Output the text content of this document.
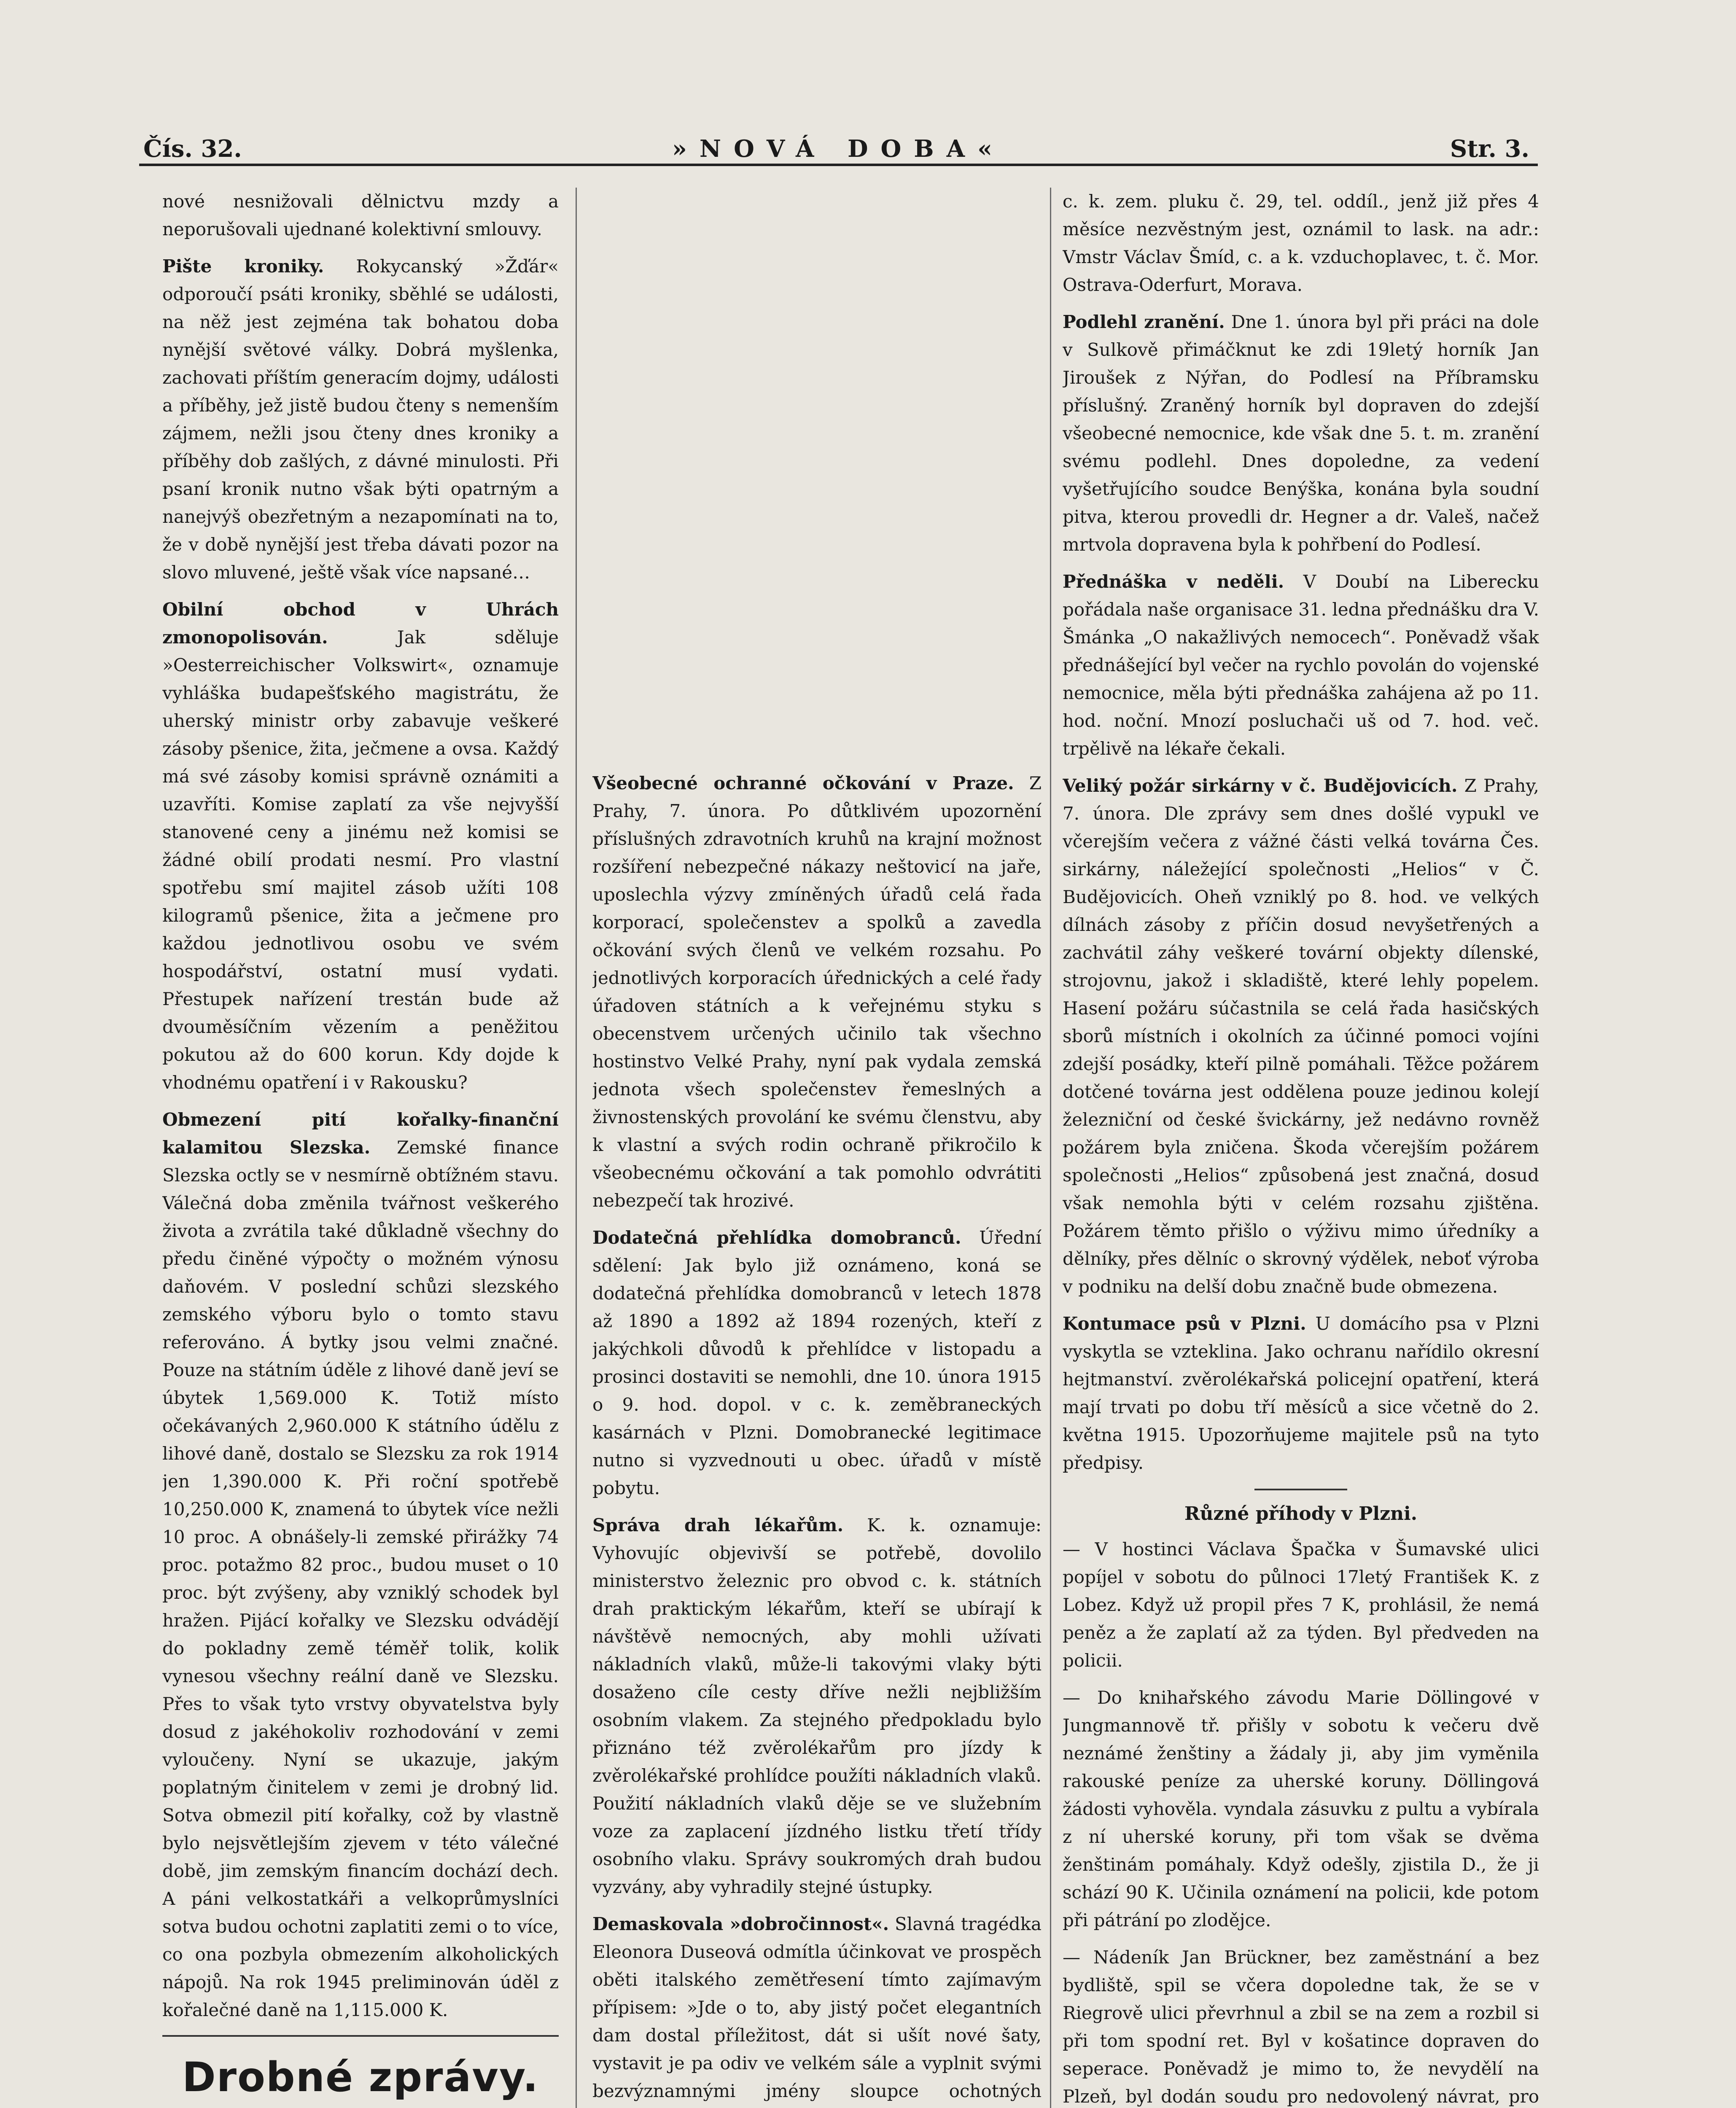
Čís. 32.	»NOVÁ DOBA«	Str. 3.

nové nesnižovali dělnictvu mzdy a neporušovali ujednané kolektivní smlouvy.

Pište kroniky. Rokycanský »Žďár« odporoučí psáti kroniky, sběhlé se události, na něž jest zejména tak bohatou doba nynější světové války. Dobrá myšlenka, zachovati příštím generacím dojmy, události a příběhy, jež jistě budou čteny s nemenším zájmem, nežli jsou čteny dnes kroniky a příběhy dob zašlých, z dávné minulosti. Při psaní kronik nutno však býti opatrným a nanejvýš obezřetným a nezapomínati na to, že v době nynější jest třeba dávati pozor na slovo mluvené, ještě však více napsané…

Obilní obchod v Uhrách zmonopolisován.	Jak sděluje »Oesterreichischer Volkswirt«, oznamuje vyhláška budapešťského magistrátu, že uherský ministr orby zabavuje veškeré zásoby pšenice, žita, ječmene a ovsa. Každý má své zásoby komisi správně oznámiti a uzavříti. Komise zaplatí za vše nejvyšší stanovené ceny a jinému než komisi se žádné obilí prodati nesmí. Pro vlastní spotřebu smí majitel zásob užíti 108 kilogramů pšenice, žita a ječmene pro každou jednotlivou osobu ve svém hospodářství, ostatní musí vydati. Přestupek nařízení trestán bude až dvouměsíčním vězením a peněžitou pokutou až do 600 korun. Kdy dojde k vhodnému opatření i v Rakousku?

Obmezení pití kořalky-finanční kalamitou Slezska. Zemské finance Slezska octly se v nesmírně obtížném stavu. Válečná doba změnila tvářnost veškerého života a zvrátila také důkladně všechny do předu činěné výpočty o možném výnosu daňovém. V poslední schůzi slezského zemského výboru bylo o tomto stavu referováno. Á bytky jsou velmi značné. Pouze na státním úděle z lihové daně jeví se úbytek 1,569.000 K. Totiž místo očekávaných 2,960.000 K státního údělu z lihové daně, dostalo se Slezsku za rok 1914 jen 1,390.000 K. Při roční spotřebě 10,250.000 K, znamená to úbytek více nežli 10 proc. A obnášely-li zemské přirážky 74 proc. potažmo 82 proc., budou muset o 10 proc. být zvýšeny, aby vzniklý schodek byl hražen. Pijácí kořalky ve Slezsku odvádějí do pokladny země téměř tolik, kolik vynesou všechny reální daně ve Slezsku. Přes to však tyto vrstvy obyvatelstva byly dosud z jakéhokoliv rozhodování v zemi vyloučeny. Nyní se ukazuje, jakým poplatným činitelem v zemi je drobný lid. Sotva obmezil pití kořalky, což by vlastně bylo nejsvětlejším zjevem v této válečné době, jim zemským financím dochází dech. A páni velkostatkáři a velkoprůmyslníci sotva budou ochotni zaplatiti zemi o to více, co ona pozbyla obmezením alkoholických nápojů. Na rok 1945 preliminován úděl z kořalečné daně na 1,115.000 K.

Drobné zprávy.

Všeobecné ochranné očkování v Praze. Z Prahy, 7. února. Po důtklivém upozornění příslušných zdravotních kruhů na krajní možnost rozšíření nebezpečné nákazy neštovicí na jaře, uposlechla výzvy zmíněných úřadů celá řada korporací, společenstev a spolků a zavedla očkování svých členů ve velkém rozsahu. Po jednotlivých korporacích úřednických a celé řady úřadoven státních a k veřejnému styku s obecenstvem určených učinilo tak všechno hostinstvo Velké Prahy, nyní pak vydala zemská jednota všech společenstev řemeslných a živnostenských provolání ke svému členstvu, aby k vlastní a svých rodin ochraně přikročilo k všeobecnému očkování a tak pomohlo odvrátiti nebezpečí tak hrozivé.

Dodatečná přehlídka domobranců. Úřední sdělení: Jak bylo již oznámeno, koná se dodatečná přehlídka domobranců v letech 1878 až 1890 a 1892 až 1894 rozených, kteří z jakýchkoli důvodů k přehlídce v listopadu a prosinci dostaviti se nemohli, dne 10. února 1915 o 9. hod. dopol. v c. k. zeměbraneckých kasárnách v Plzni. Domobranecké legitimace nutno si vyzvednouti u obec. úřadů v místě pobytu.

Správa drah lékařům. K. k. oznamuje: Vyhovujíc objevivší se potřebě, dovolilo ministerstvo železnic pro obvod c. k. státních drah praktickým lékařům, kteří se ubírají k návštěvě nemocných, aby mohli užívati nákladních vlaků, může-li takovými vlaky býti dosaženo cíle cesty dříve nežli nejbližším osobním vlakem. Za stejného předpokladu bylo přiznáno též zvěrolékařům pro jízdy k zvěrolékařské prohlídce použíti nákladních vlaků. Použití nákladních vlaků děje se ve služebním voze za zaplacení jízdného listku třetí třídy osobního vlaku. Správy soukromých drah budou vyzvány, aby vyhradily stejné ústupky.

Demaskovala »dobročinnost«. Slavná tragédka Eleonora Duseová odmítla účinkovat ve prospěch oběti italského zemětřesení tímto zajímavým přípisem: »Jde o to, aby jistý počet elegantních dam dostal příležitost, dát si ušít nové šaty, vystavit je pa odiv ve velkém sále a vyplnit svými bezvýznamnými jmény sloupce ochotných

c. k. zem. pluku č. 29, tel. oddíl., jenž již přes 4 měsíce nezvěstným jest, oznámil to lask. na adr.: Vmstr Václav Šmíd, c. a k. vzduchoplavec, t. č. Mor. Ostrava-Oderfurt, Morava.

Podlehl zranění. Dne 1. února byl při práci na dole v Sulkově přimáčknut ke zdi 19letý horník Jan Jiroušek z Nýřan, do Podlesí na Příbramsku příslušný. Zraněný horník byl dopraven do zdejší všeobecné nemocnice, kde však dne 5. t. m. zranění svému podlehl. Dnes dopoledne, za vedení vyšetřujícího soudce Benýška, konána byla soudní pitva, kterou provedli dr. Hegner a dr. Valeš, načež mrtvola dopravena byla k pohřbení do Podlesí.

Přednáška v neděli. V Doubí na Liberecku pořádala naše organisace 31. ledna přednášku dra V. Šmánka „O nakažlivých nemocech“. Poněvadž však přednášející byl večer na rychlo povolán do vojenské nemocnice, měla býti přednáška zahájena až po 11. hod. noční. Mnozí posluchači uš od 7. hod. več. trpělivě na lékaře čekali.

Veliký požár sirkárny v č. Budějovicích. Z Prahy, 7. února. Dle zprávy sem dnes došlé vypukl ve včerejším večera z vážné části velká továrna Čes. sirkárny, náležející společnosti „Helios“ v Č. Budějovicích. Oheň vzniklý po 8. hod. ve velkých dílnách zásoby z příčin dosud nevyšetřených a zachvátil záhy veškeré tovární objekty dílenské, strojovnu, jakož i skladiště, které lehly popelem. Hasení požáru súčastnila se celá řada hasičských sborů místních i okolních za účinné pomoci vojíni zdejší posádky, kteří pilně pomáhali. Těžce požárem dotčené továrna jest oddělena pouze jedinou kolejí železniční od české švickárny, jež nedávno rovněž požárem byla zničena. Škoda včerejším požárem společnosti „Helios“ způsobená jest značná, dosud však nemohla býti v celém rozsahu zjištěna. Požárem těmto přišlo o výživu mimo úředníky a dělníky, přes dělníc o skrovný výdělek, neboť výroba v podniku na delší dobu značně bude obmezena.

Kontumace psů v Plzni. U domácího psa v Plzni vyskytla se vzteklina. Jako ochranu nařídilo okresní hejtmanství. zvěrolékařská policejní opatření, která mají trvati po dobu tří měsíců a sice včetně do 2. května 1915. Upozorňujeme majitele psů na tyto předpisy.

Různé příhody v Plzni.

— V hostinci Václava Špačka v Šumavské ulici popíjel v sobotu do půlnoci 17letý František K. z Lobez. Když už propil přes 7 K, prohlásil, že nemá peněz a že zaplatí až za týden. Byl předveden na policii.

— Do knihařského závodu Marie Döllingové v Jungmannově tř. přišly v sobotu k večeru dvě neznámé ženštiny a žádaly ji, aby jim vyměnila rakouské peníze za uherské koruny. Döllingová žádosti vyhověla. vyndala zásuvku z pultu a vybírala z ní uherské koruny, při tom však se dvěma ženštinám pomáhaly. Když odešly, zjistila D., že ji schází 90 K. Učinila oznámení na policii, kde potom při pátrání po zlodějce.

— Nádeník Jan Brückner, bez zaměstnání a bez bydliště, spil se včera dopoledne tak, že se v Riegrově ulici převrhnul a zbil se na zem a rozbil si při tom spodní ret. Byl v košatince dopraven do seperace. Poněvadž je mimo to, že nevydělí na Plzeň, byl dodán soudu pro nedovolený návrat, pro
